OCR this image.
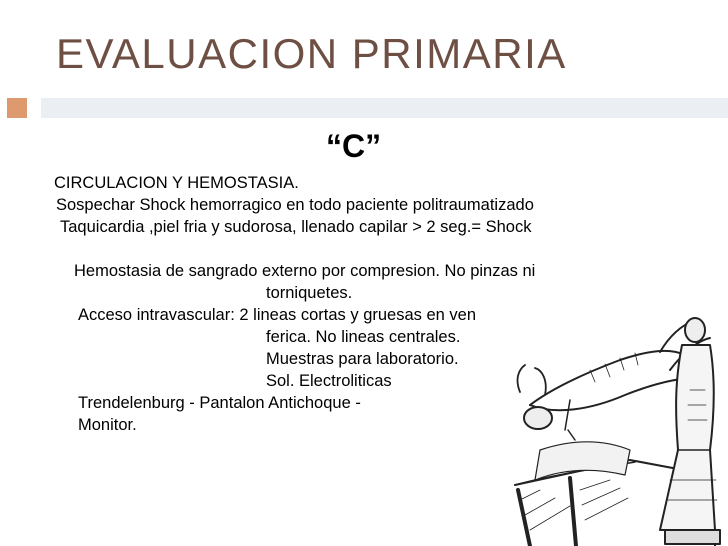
EVALUACION PRIMARIA
“C”
CIRCULACION Y HEMOSTASIA.
Sospechar Shock hemorragico en todo paciente politraumatizado
Taquicardia ,piel fria y sudorosa, llenado capilar > 2 seg.= Shock
Hemostasia de sangrado externo por compresion. No pinzas ni
torniquetes.
Acceso intravascular: 2 lineas cortas y gruesas en ven
ferica. No lineas centrales.
Muestras para laboratorio.
Sol. Electroliticas
Trendelenburg - Pantalon Antichoque -
Monitor.
